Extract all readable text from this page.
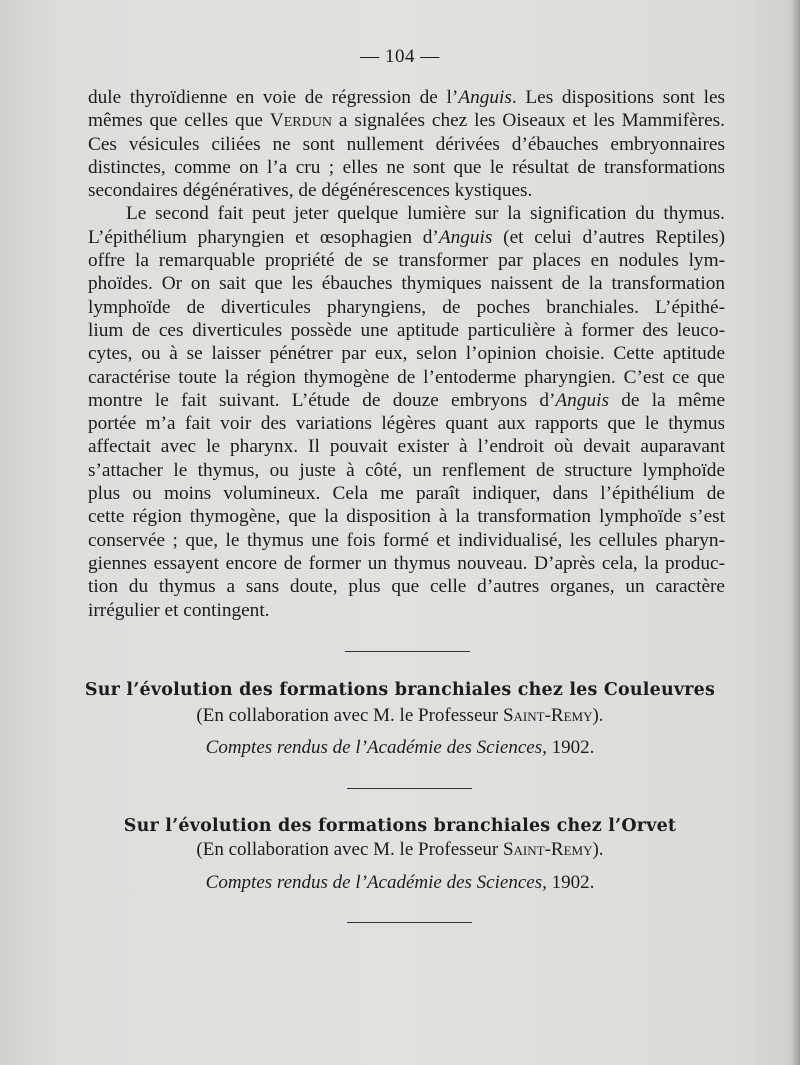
— 104 —
dule thyroïdienne en voie de régression de l’Anguis. Les dispositions sont les
mêmes que celles que Verdun a signalées chez les Oiseaux et les Mammifères.
Ces vésicules ciliées ne sont nullement dérivées d’ébauches embryonnaires
distinctes, comme on l’a cru ; elles ne sont que le résultat de transformations
secondaires dégénératives, de dégénérescences kystiques.
Le second fait peut jeter quelque lumière sur la signification du thymus.
L’épithélium pharyngien et œsophagien d’Anguis (et celui d’autres Reptiles)
offre la remarquable propriété de se transformer par places en nodules lym-
phoïdes. Or on sait que les ébauches thymiques naissent de la transformation
lymphoïde de diverticules pharyngiens, de poches branchiales. L’épithé-
lium de ces diverticules possède une aptitude particulière à former des leuco-
cytes, ou à se laisser pénétrer par eux, selon l’opinion choisie. Cette aptitude
caractérise toute la région thymogène de l’entoderme pharyngien. C’est ce que
montre le fait suivant. L’étude de douze embryons d’Anguis de la même
portée m’a fait voir des variations légères quant aux rapports que le thymus
affectait avec le pharynx. Il pouvait exister à l’endroit où devait auparavant
s’attacher le thymus, ou juste à côté, un renflement de structure lymphoïde
plus ou moins volumineux. Cela me paraît indiquer, dans l’épithélium de
cette région thymogène, que la disposition à la transformation lymphoïde s’est
conservée ; que, le thymus une fois formé et individualisé, les cellules pharyn-
giennes essayent encore de former un thymus nouveau. D’après cela, la produc-
tion du thymus a sans doute, plus que celle d’autres organes, un caractère
irrégulier et contingent.
Sur l’évolution des formations branchiales chez les Couleuvres
(En collaboration avec M. le Professeur Saint-Remy).
Comptes rendus de l’Académie des Sciences, 1902.
Sur l’évolution des formations branchiales chez l’Orvet
(En collaboration avec M. le Professeur Saint-Remy).
Comptes rendus de l’Académie des Sciences, 1902.
